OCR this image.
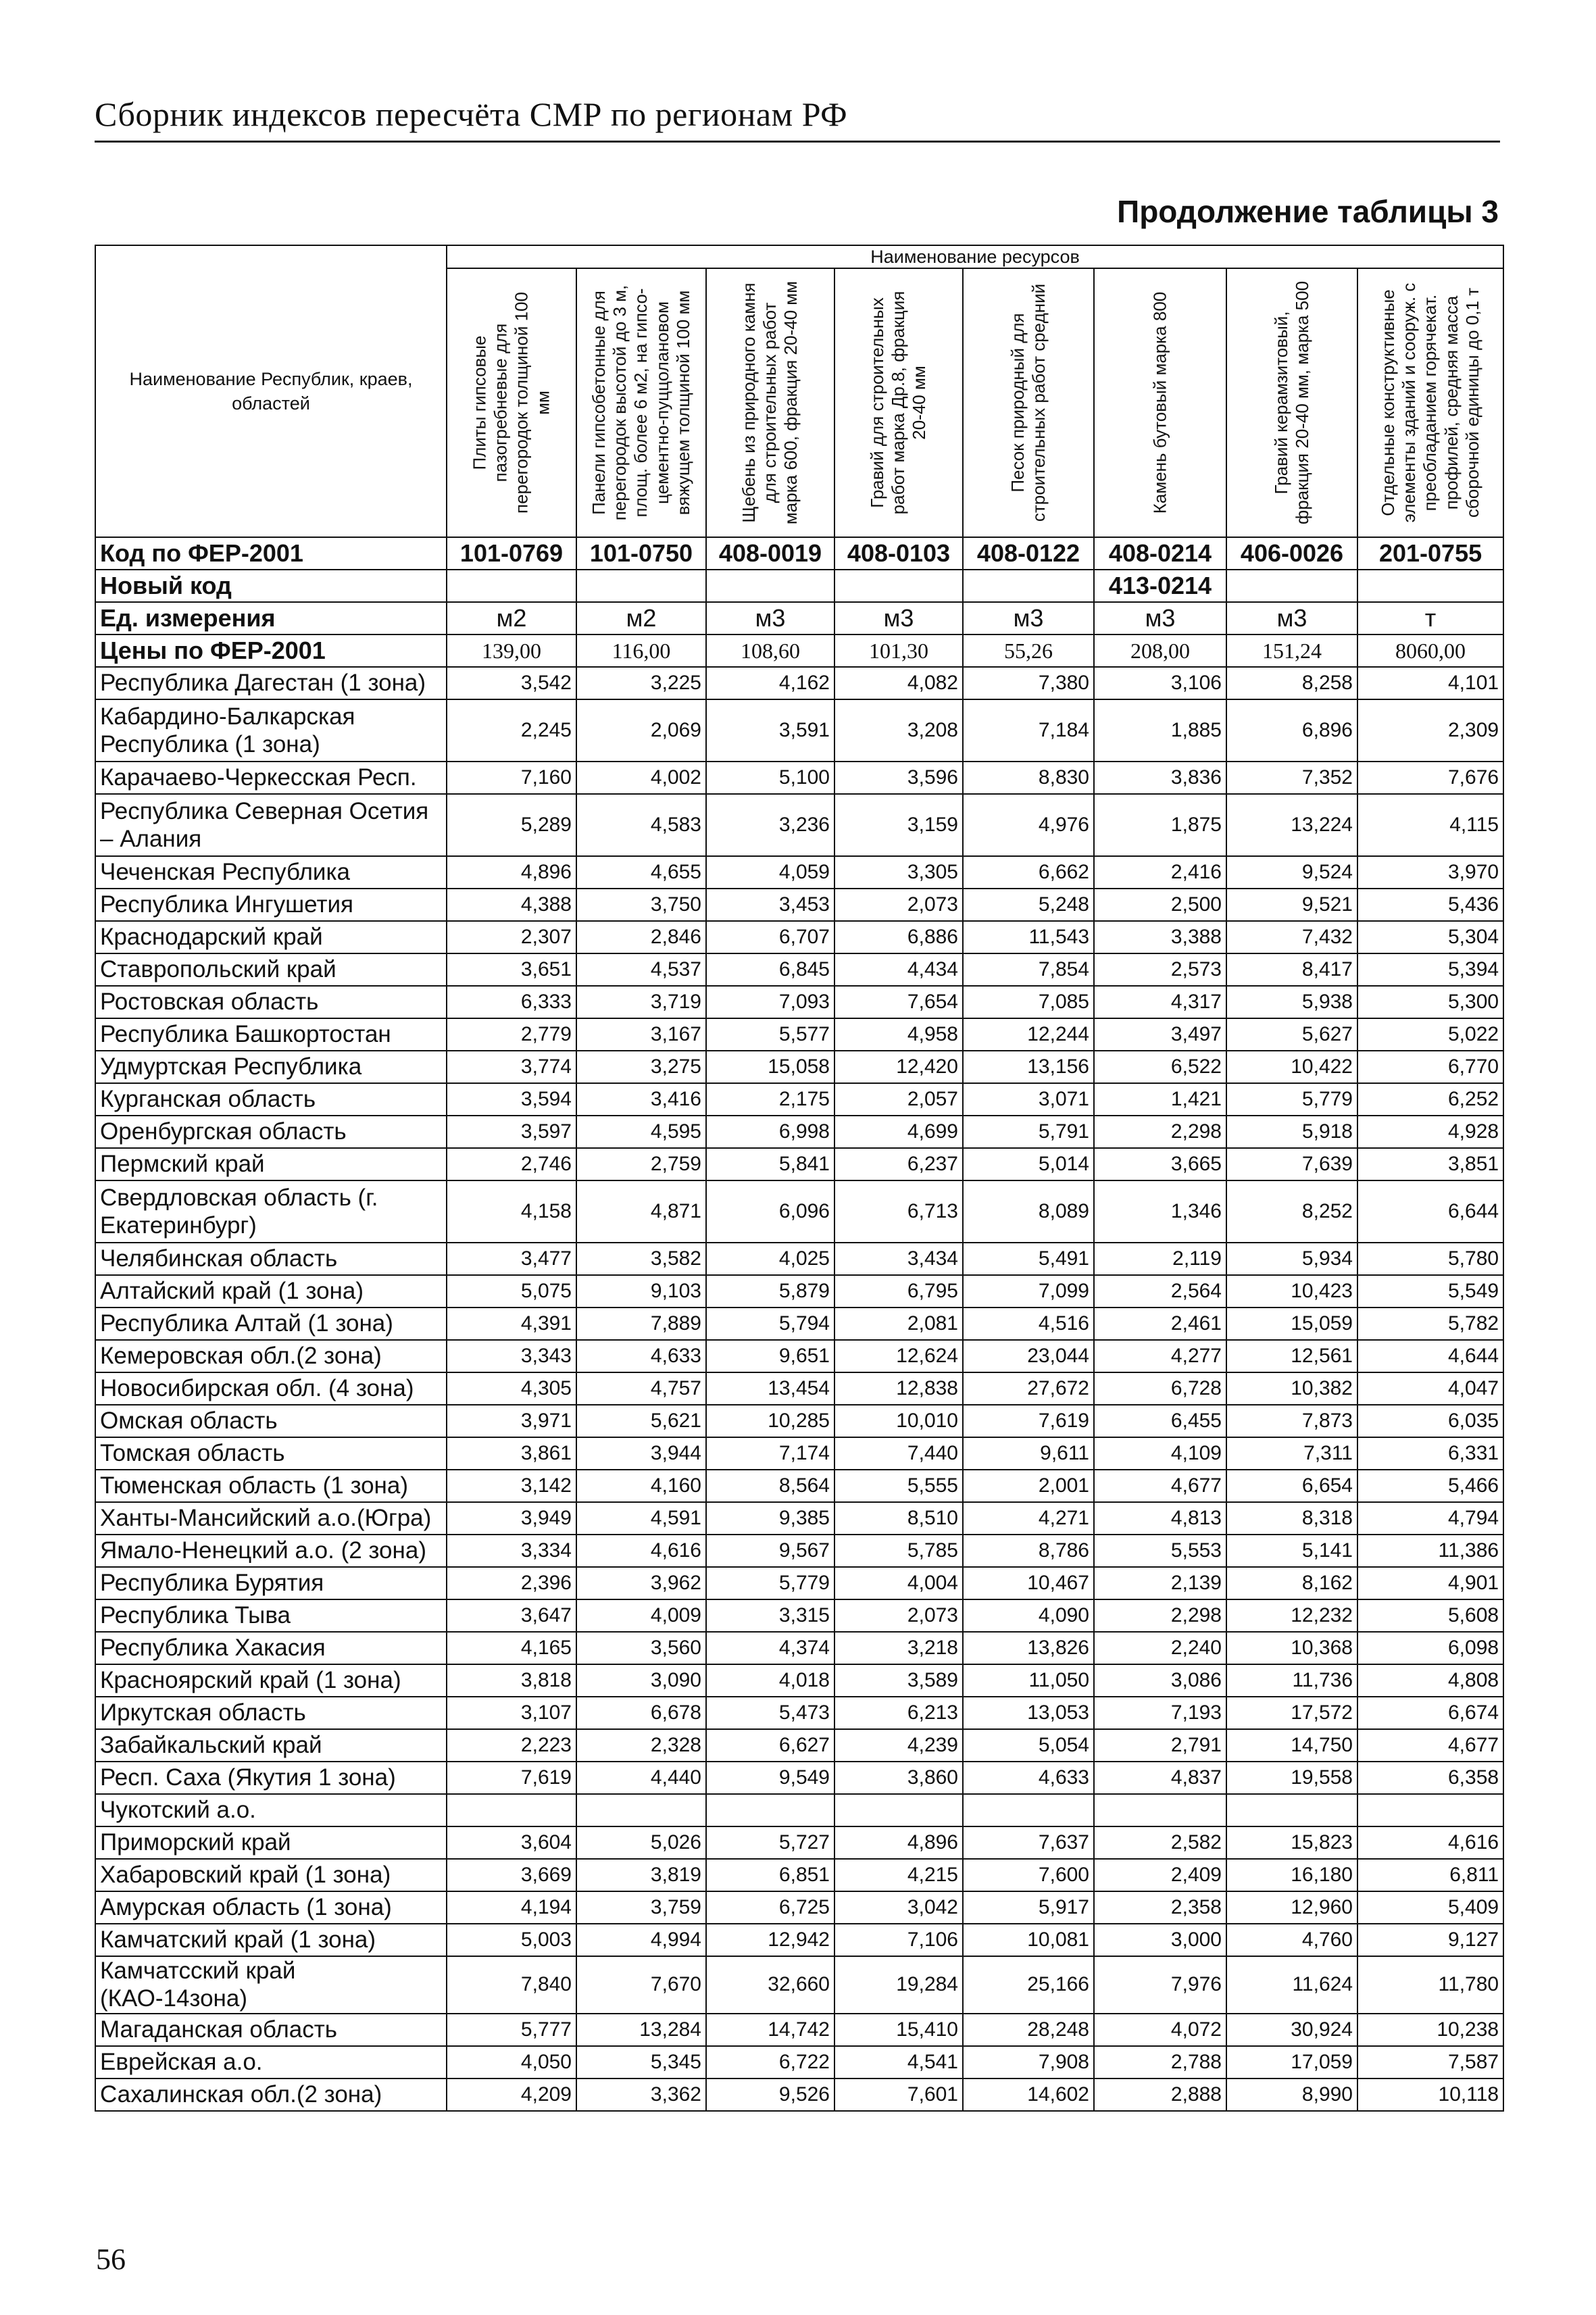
Сборник индексов пересчёта СМР по регионам РФ
Продолжение таблицы 3
Наименование Республик, краев, областей	Наименование ресурсов							

	Плиты гипсовые пазогребневые для перегородок толщиной 100 мм	Панели гипсобетонные для перегородок высотой до 3 м, площ. более 6 м2, на гипсо-цементно-пуццолановом вяжущем толщиной 100 мм	Щебень из природного камня для строительных работ марка 600, фракция 20-40 мм	Гравий для строительных работ марка Др.8, фракция 20-40 мм	Песок природный для строительных работ средний	Камень бутовый марка 800	Гравий керамзитовый, фракция 20-40 мм, марка 500	Отдельные конструктивные элементы зданий и сооруж. с преобладанием горячекат. профилей, средняя масса сборочной единицы до 0,1 т

Код по ФЕР-2001	101-0769	101-0750	408-0019	408-0103	408-0122	408-0214	406-0026	201-0755
Новый код						413-0214		
Ед. измерения	м2	м2	м3	м3	м3	м3	м3	т
Цены по ФЕР-2001	139,00	116,00	108,60	101,30	55,26	208,00	151,24	8060,00
Республика Дагестан (1 зона)	3,542	3,225	4,162	4,082	7,380	3,106	8,258	4,101
Кабардино-Балкарская Республика (1 зона)	2,245	2,069	3,591	3,208	7,184	1,885	6,896	2,309
Карачаево-Черкесская Респ.	7,160	4,002	5,100	3,596	8,830	3,836	7,352	7,676
Республика Северная Осетия – Алания	5,289	4,583	3,236	3,159	4,976	1,875	13,224	4,115
Чеченская Республика	4,896	4,655	4,059	3,305	6,662	2,416	9,524	3,970
Республика Ингушетия	4,388	3,750	3,453	2,073	5,248	2,500	9,521	5,436
Краснодарский край	2,307	2,846	6,707	6,886	11,543	3,388	7,432	5,304
Ставропольский край	3,651	4,537	6,845	4,434	7,854	2,573	8,417	5,394
Ростовская область	6,333	3,719	7,093	7,654	7,085	4,317	5,938	5,300
Республика Башкортостан	2,779	3,167	5,577	4,958	12,244	3,497	5,627	5,022
Удмуртская Республика	3,774	3,275	15,058	12,420	13,156	6,522	10,422	6,770
Курганская область	3,594	3,416	2,175	2,057	3,071	1,421	5,779	6,252
Оренбургская область	3,597	4,595	6,998	4,699	5,791	2,298	5,918	4,928
Пермский край	2,746	2,759	5,841	6,237	5,014	3,665	7,639	3,851
Свердловская область (г. Екатеринбург)	4,158	4,871	6,096	6,713	8,089	1,346	8,252	6,644
Челябинская область	3,477	3,582	4,025	3,434	5,491	2,119	5,934	5,780
Алтайский край (1 зона)	5,075	9,103	5,879	6,795	7,099	2,564	10,423	5,549
Республика Алтай (1 зона)	4,391	7,889	5,794	2,081	4,516	2,461	15,059	5,782
Кемеровская обл.(2 зона)	3,343	4,633	9,651	12,624	23,044	4,277	12,561	4,644
Новосибирская обл. (4 зона)	4,305	4,757	13,454	12,838	27,672	6,728	10,382	4,047
Омская область	3,971	5,621	10,285	10,010	7,619	6,455	7,873	6,035
Томская область	3,861	3,944	7,174	7,440	9,611	4,109	7,311	6,331
Тюменская область (1 зона)	3,142	4,160	8,564	5,555	2,001	4,677	6,654	5,466
Ханты-Мансийский а.о.(Югра)	3,949	4,591	9,385	8,510	4,271	4,813	8,318	4,794
Ямало-Ненецкий а.о. (2 зона)	3,334	4,616	9,567	5,785	8,786	5,553	5,141	11,386
Республика Бурятия	2,396	3,962	5,779	4,004	10,467	2,139	8,162	4,901
Республика Тыва	3,647	4,009	3,315	2,073	4,090	2,298	12,232	5,608
Республика Хакасия	4,165	3,560	4,374	3,218	13,826	2,240	10,368	6,098
Красноярский край (1 зона)	3,818	3,090	4,018	3,589	11,050	3,086	11,736	4,808
Иркутская область	3,107	6,678	5,473	6,213	13,053	7,193	17,572	6,674
Забайкальский край	2,223	2,328	6,627	4,239	5,054	2,791	14,750	4,677
Респ. Саха (Якутия 1 зона)	7,619	4,440	9,549	3,860	4,633	4,837	19,558	6,358
Чукотский а.о.								
Приморский край	3,604	5,026	5,727	4,896	7,637	2,582	15,823	4,616
Хабаровский край (1 зона)	3,669	3,819	6,851	4,215	7,600	2,409	16,180	6,811
Амурская область (1 зона)	4,194	3,759	6,725	3,042	5,917	2,358	12,960	5,409
Камчатский край (1 зона)	5,003	4,994	12,942	7,106	10,081	3,000	4,760	9,127
Камчатсский край (КАО-14зона)	7,840	7,670	32,660	19,284	25,166	7,976	11,624	11,780
Магаданская область	5,777	13,284	14,742	15,410	28,248	4,072	30,924	10,238
Еврейская а.о.	4,050	5,345	6,722	4,541	7,908	2,788	17,059	7,587
Сахалинская обл.(2 зона)	4,209	3,362	9,526	7,601	14,602	2,888	8,990	10,118
56
